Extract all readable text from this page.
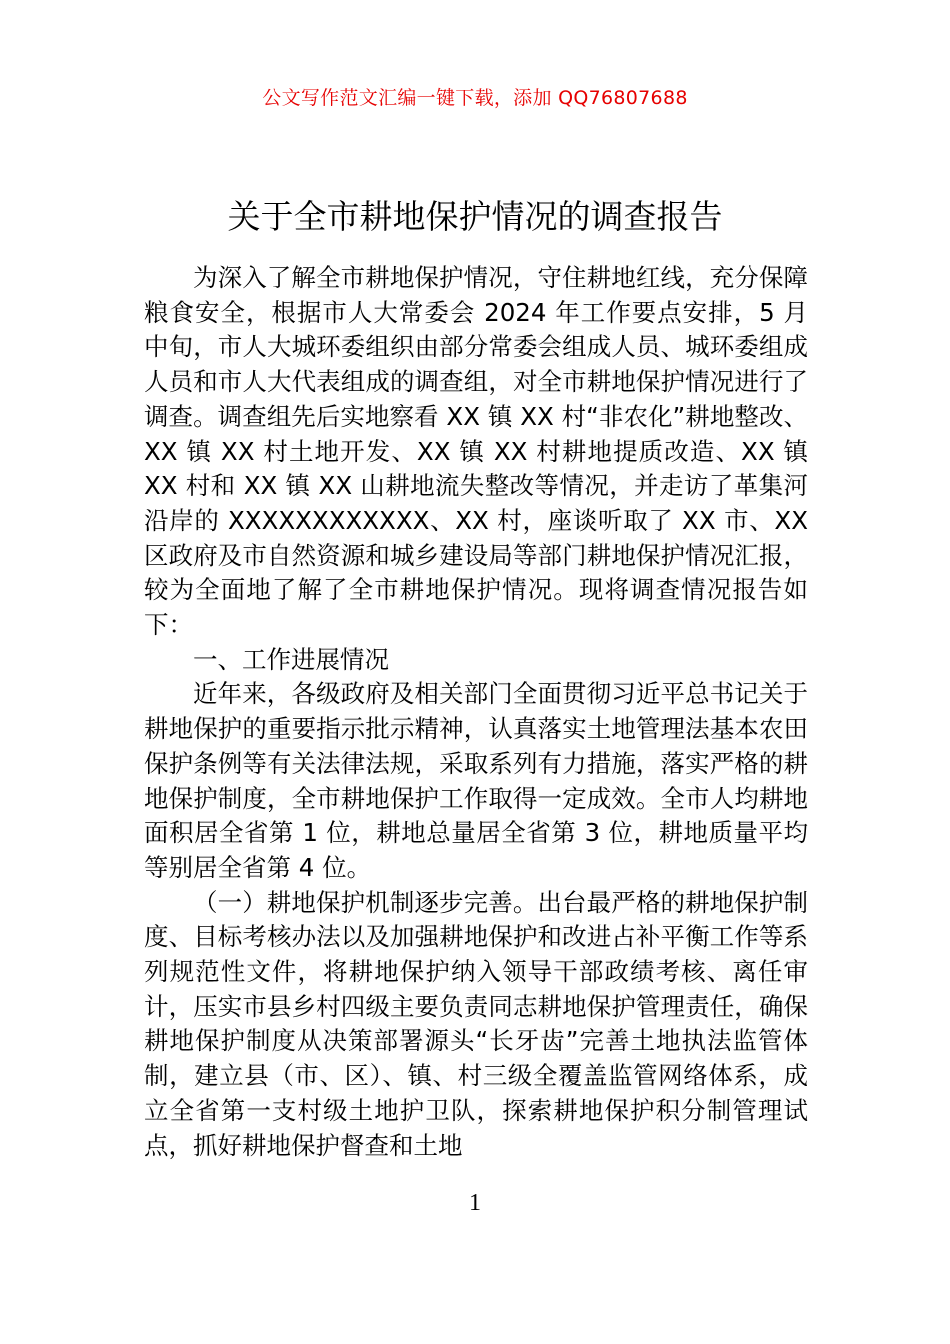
公文写作范文汇编一键下载，添加 QQ76807688
关于全市耕地保护情况的调查报告

为深入了解全市耕地保护情况，守住耕地红线，充分保障粮食安全，根据市人大常委会 2024 年工作要点安排，5 月中旬，市人大城环委组织由部分常委会组成人员、城环委组成人员和市人大代表组成的调查组，对全市耕地保护情况进行了调查。调查组先后实地察看 XX 镇 XX 村“非农化”耕地整改、XX 镇 XX 村土地开发、XX 镇 XX 村耕地提质改造、XX 镇 XX 村和 XX 镇 XX 山耕地流失整改等情况，并走访了革集河沿岸的 XXXXXXXXXXXX、XX 村，座谈听取了 XX 市、XX 区政府及市自然资源和城乡建设局等部门耕地保护情况汇报，较为全面地了解了全市耕地保护情况。现将调查情况报告如下：

一、工作进展情况

近年来，各级政府及相关部门全面贯彻习近平总书记关于耕地保护的重要指示批示精神，认真落实土地管理法基本农田保护条例等有关法律法规，采取系列有力措施，落实严格的耕地保护制度，全市耕地保护工作取得一定成效。全市人均耕地面积居全省第 1 位，耕地总量居全省第 3 位，耕地质量平均等别居全省第 4 位。

（一）耕地保护机制逐步完善。出台最严格的耕地保护制度、目标考核办法以及加强耕地保护和改进占补平衡工作等系列规范性文件，将耕地保护纳入领导干部政绩考核、离任审计，压实市县乡村四级主要负责同志耕地保护管理责任，确保耕地保护制度从决策部署源头“长牙齿”完善土地执法监管体制，建立县（市、区）、镇、村三级全覆盖监管网络体系，成立全省第一支村级土地护卫队，探索耕地保护积分制管理试点，抓好耕地保护督查和土地

1
